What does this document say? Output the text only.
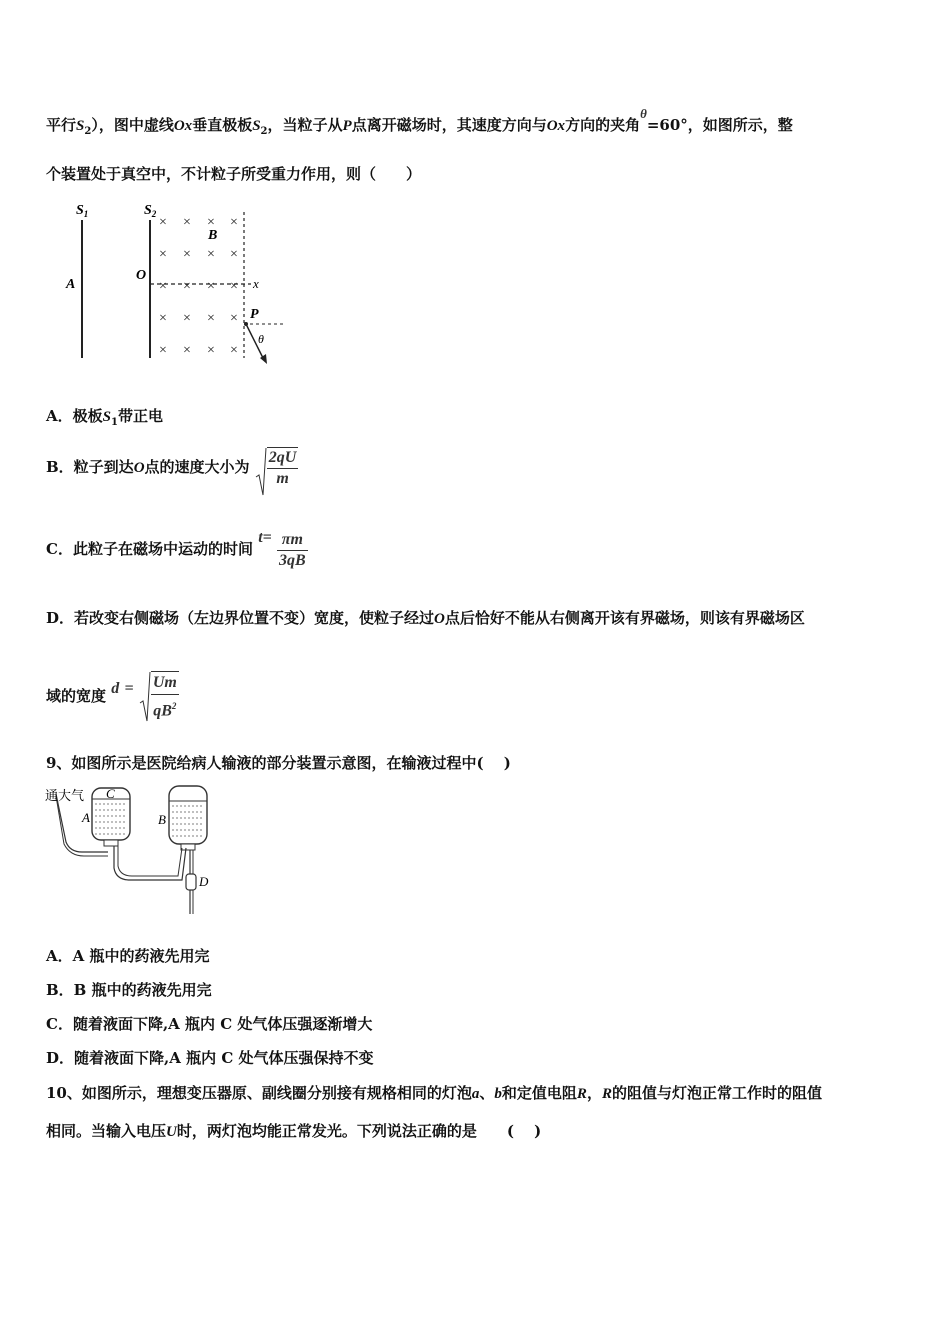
平行$S_2$），图中虚线Ox垂直极板$S_2$，当粒子从P点离开磁场时，其速度方向与Ox方向的夹角θ=60°，如图所示，整
个装置处于真空中，不计粒子所受重力作用，则（　　）
$S_1$	$S_2$
A
O
B
x
P
θ
× × × ×
× × × ×
× × × ×
× × × ×
× × × ×
A．极板$S_1$带正电
B．粒子到达O点的速度大小为 $\frac{2qU}{m}$
C．此粒子在磁场中运动的时间 $t= \frac{\pi m}{3qB}$
D．若改变右侧磁场（左边界位置不变）宽度，使粒子经过O点后恰好不能从右侧离开该有界磁场，则该有界磁场区
域的宽度 $d = \frac{Um}{qB^2}$
9、如图所示是医院给病人输液的部分装置示意图，在输液过程中(　 )
通大气
A
C
B
D
A．A 瓶中的药液先用完
B．B 瓶中的药液先用完
C．随着液面下降,A 瓶内 C 处气体压强逐渐增大
D．随着液面下降,A 瓶内 C 处气体压强保持不变
10、如图所示，理想变压器原、副线圈分别接有规格相同的灯泡a、b和定值电阻R，R的阻值与灯泡正常工作时的阻值
相同。当输入电压U时，两灯泡均能正常发光。下列说法正确的是　　(　 )
